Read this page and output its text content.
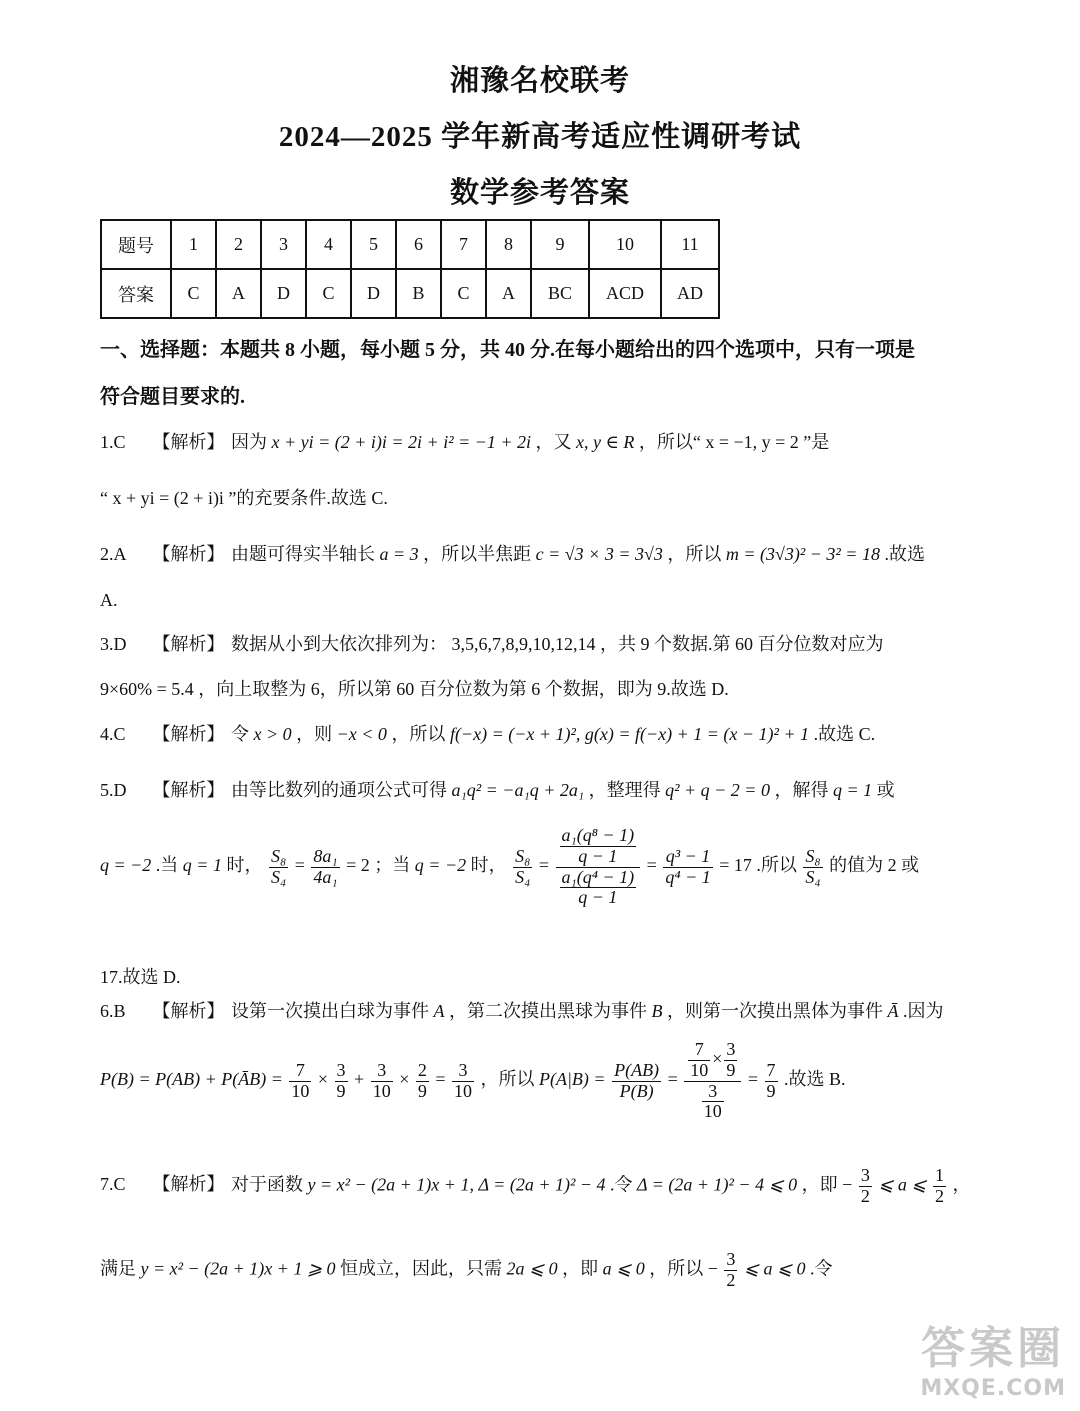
湘豫名校联考
2024—2025 学年新高考适应性调研考试
数学参考答案
题号	1	2	3	4	5	6	7	8	9	10	11
答案	C	A	D	C	D	B	C	A	BC	ACD	AD
一、选择题：本题共 8 小题，每小题 5 分，共 40 分.在每小题给出的四个选项中，只有一项是
符合题目要求的.
1.C 【解析】 因为 x + yi = (2 + i)i = 2i + i² = −1 + 2i ，又 x, y ∈ R ，所以“ x = −1, y = 2 ”是
“ x + yi = (2 + i)i ”的充要条件.故选 C.
2.A 【解析】 由题可得实半轴长 a = 3 ，所以半焦距 c = √3 × 3 = 3√3 ，所以 m = (3√3)² − 3² = 18 .故选
A.
3.D 【解析】 数据从小到大依次排列为： 3,5,6,7,8,9,10,12,14 ，共 9 个数据.第 60 百分位数对应为
9×60% = 5.4 ，向上取整为 6，所以第 60 百分位数为第 6 个数据，即为 9.故选 D.
4.C 【解析】 令 x > 0 ，则 −x < 0 ，所以 f(−x) = (−x + 1)², g(x) = f(−x) + 1 = (x − 1)² + 1 .故选 C.
5.D 【解析】 由等比数列的通项公式可得 a₁q² = −a₁q + 2a₁ ，整理得 q² + q − 2 = 0 ，解得 q = 1 或
q = −2 .当 q = 1 时， $\frac{\text{S₈}}{\text{S₄}} = \frac{\text{8a₁}}{\text{4a₁}} = 2$ ；当 q = −2 时， $\frac{\text{S₈}}{\text{S₄}} = \frac{\frac{\text{a₁(q⁸ − 1)}}{q - 1}}{\frac{\text{a₁(q⁴ − 1)}}{q - 1}} = \frac{\text{q³ − 1}}{\text{q⁴ − 1}} = 17$ .所以 $\frac{\text{S₈}}{\text{S₄}}$ 的值为 2 或
17.故选 D.
6.B 【解析】 设第一次摸出白球为事件 A ，第二次摸出黑球为事件 B ，则第一次摸出黑体为事件 Ā .因为
P(B) = P(AB) + P(ĀB) = $\frac{7}{10} \times \frac{3}{9} + \frac{3}{10} \times \frac{2}{9} = \frac{3}{10}$ ，所以 $P(A|B) = \frac{P(AB)}{P(B)} = \frac{\frac{7}{10} \times \frac{3}{9}}{\frac{3}{10}} = \frac{7}{9}$ .故选 B.
7.C 【解析】 对于函数 y = x² − (2a + 1)x + 1, Δ = (2a + 1)² − 4 .令 Δ = (2a + 1)² − 4 ⩽ 0 ，即 − $\frac{3}{2}$ ⩽ a ⩽ $\frac{1}{2}$ ，
满足 y = x² − (2a + 1)x + 1 ⩾ 0 恒成立，因此，只需 2a ⩽ 0 ，即 a ⩽ 0 ，所以 − $\frac{3}{2}$ ⩽ a ⩽ 0 .令
答案圈
MXQE.COM
